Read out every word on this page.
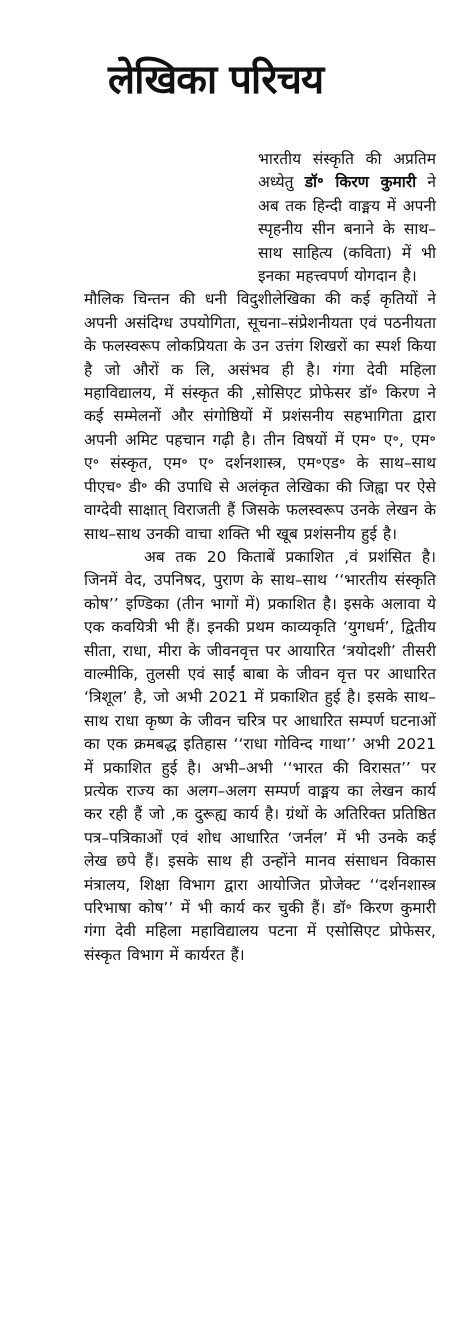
लेखिका परिचय

भारतीय संस्कृति की अप्रतिम अध्येतु डॉ॰ किरण कुमारी ने अब तक हिन्दी वाङ्मय में अपनी स्पृहनीय सीन बनाने के साथ–साथ साहित्य (कविता) में भी इनका महत्त्वपर्ण योगदान है।

मौलिक चिन्तन की धनी विदुशीलेखिका की कई कृतियों ने अपनी असंदिग्ध उपयोगिता, सूचना–संप्रेशनीयता एवं पठनीयता के फलस्वरूप लोकप्रियता के उन उत्तंग शिखरों का स्पर्श किया है जो औरों क लि, असंभव ही है। गंगा देवी महिला महाविद्यालय, में संस्कृत की ,सोसिएट प्रोफेसर डॉ॰ किरण ने कई सम्मेलनों और संगोष्ठियों में प्रशंसनीय सहभागिता द्वारा अपनी अमिट पहचान गढ़ी है। तीन विषयों में एम॰ ए॰, एम॰ ए॰ संस्कृत, एम॰ ए॰ दर्शनशास्त्र, एम॰एड॰ के साथ–साथ पीएच॰ डी॰ की उपाधि से अलंकृत लेखिका की जिह्वा पर ऐसे वाग्देवी साक्षात् विराजती हैं जिसके फलस्वरूप उनके लेखन के साथ–साथ उनकी वाचा शक्ति भी खूब प्रशंसनीय हुई है।

अब तक 20 किताबें प्रकाशित ,वं प्रशंसित है। जिनमें वेद, उपनिषद, पुराण के साथ–साथ ‘‘भारतीय संस्कृति कोष’’ इण्डिका (तीन भागों में) प्रकाशित है। इसके अलावा ये एक कवयित्री भी हैं। इनकी प्रथम काव्यकृति ‘युगधर्म’, द्वितीय सीता, राधा, मीरा के जीवनवृत्त पर आयारित ‘त्रयोदशी’ तीसरी वाल्मीकि, तुलसी एवं साईं बाबा के जीवन वृत्त पर आधारित ‘त्रिशूल’ है, जो अभी 2021 में प्रकाशित हुई है। इसके साथ–साथ राधा कृष्ण के जीवन चरित्र पर आधारित सम्पर्ण घटनाओं का एक क्रमबद्ध इतिहास ‘‘राधा गोविन्द गाथा’’ अभी 2021 में प्रकाशित हुई है। अभी–अभी ‘‘भारत की विरासत’’ पर प्रत्येक राज्य का अलग–अलग सम्पर्ण वाङ्मय का लेखन कार्य कर रही हैं जो ,क दुरूह्य कार्य है। ग्रंथों के अतिरिक्त प्रतिष्ठित पत्र–पत्रिकाओं एवं शोध आधारित ‘जर्नल’ में भी उनके कई लेख छपे हैं। इसके साथ ही उन्होंने मानव संसाधन विकास मंत्रालय, शिक्षा विभाग द्वारा आयोजित प्रोजेक्ट ‘‘दर्शनशास्त्र परिभाषा कोष’’ में भी कार्य कर चुकी हैं। डॉ॰ किरण कुमारी गंगा देवी महिला महाविद्यालय पटना में एसोसिएट प्रोफेसर, संस्कृत विभाग में कार्यरत हैं।
